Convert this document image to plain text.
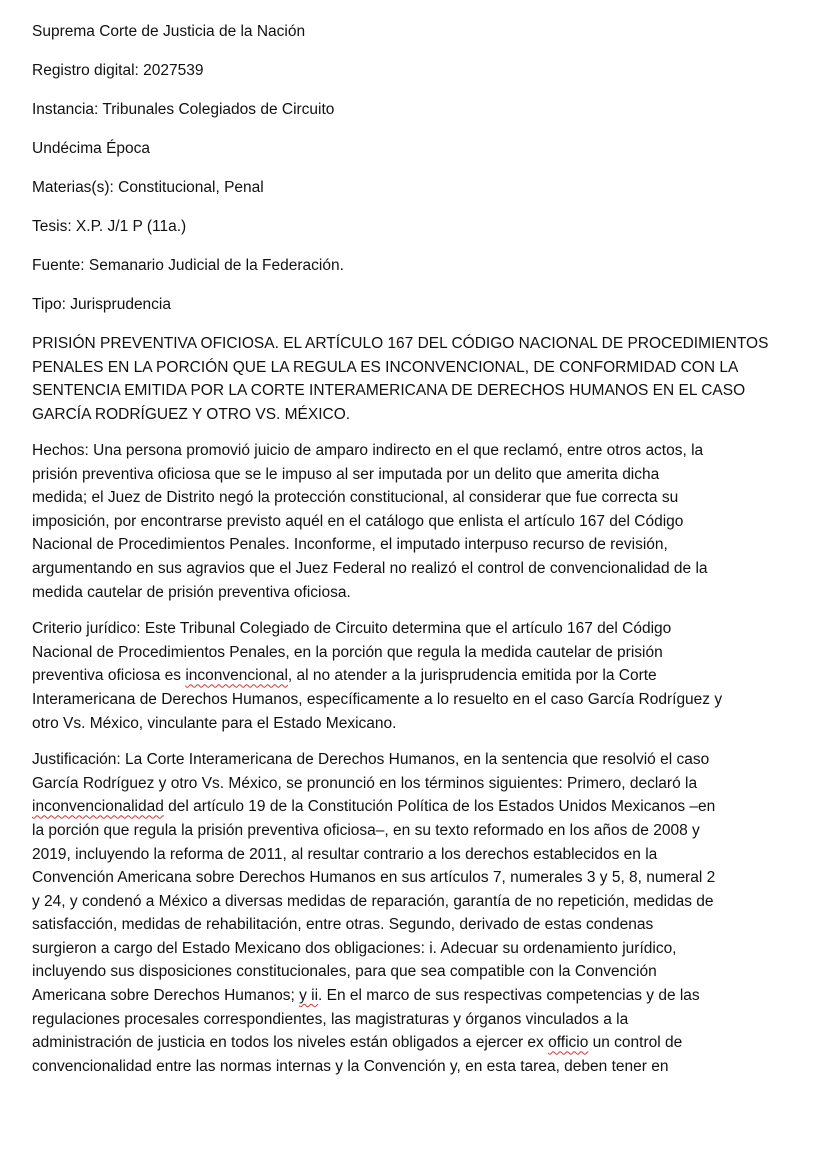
Suprema Corte de Justicia de la Nación
Registro digital: 2027539
Instancia: Tribunales Colegiados de Circuito
Undécima Época
Materias(s): Constitucional, Penal
Tesis: X.P. J/1 P (11a.)
Fuente: Semanario Judicial de la Federación.
Tipo: Jurisprudencia
PRISIÓN PREVENTIVA OFICIOSA. EL ARTÍCULO 167 DEL CÓDIGO NACIONAL DE PROCEDIMIENTOS
PENALES EN LA PORCIÓN QUE LA REGULA ES INCONVENCIONAL, DE CONFORMIDAD CON LA
SENTENCIA EMITIDA POR LA CORTE INTERAMERICANA DE DERECHOS HUMANOS EN EL CASO
GARCÍA RODRÍGUEZ Y OTRO VS. MÉXICO.
Hechos: Una persona promovió juicio de amparo indirecto en el que reclamó, entre otros actos, la
prisión preventiva oficiosa que se le impuso al ser imputada por un delito que amerita dicha
medida; el Juez de Distrito negó la protección constitucional, al considerar que fue correcta su
imposición, por encontrarse previsto aquél en el catálogo que enlista el artículo 167 del Código
Nacional de Procedimientos Penales. Inconforme, el imputado interpuso recurso de revisión,
argumentando en sus agravios que el Juez Federal no realizó el control de convencionalidad de la
medida cautelar de prisión preventiva oficiosa.
Criterio jurídico: Este Tribunal Colegiado de Circuito determina que el artículo 167 del Código
Nacional de Procedimientos Penales, en la porción que regula la medida cautelar de prisión
preventiva oficiosa es inconvencional, al no atender a la jurisprudencia emitida por la Corte
Interamericana de Derechos Humanos, específicamente a lo resuelto en el caso García Rodríguez y
otro Vs. México, vinculante para el Estado Mexicano.
Justificación: La Corte Interamericana de Derechos Humanos, en la sentencia que resolvió el caso
García Rodríguez y otro Vs. México, se pronunció en los términos siguientes: Primero, declaró la
inconvencionalidad del artículo 19 de la Constitución Política de los Estados Unidos Mexicanos –en
la porción que regula la prisión preventiva oficiosa–, en su texto reformado en los años de 2008 y
2019, incluyendo la reforma de 2011, al resultar contrario a los derechos establecidos en la
Convención Americana sobre Derechos Humanos en sus artículos 7, numerales 3 y 5, 8, numeral 2
y 24, y condenó a México a diversas medidas de reparación, garantía de no repetición, medidas de
satisfacción, medidas de rehabilitación, entre otras. Segundo, derivado de estas condenas
surgieron a cargo del Estado Mexicano dos obligaciones: i. Adecuar su ordenamiento jurídico,
incluyendo sus disposiciones constitucionales, para que sea compatible con la Convención
Americana sobre Derechos Humanos; y ii. En el marco de sus respectivas competencias y de las
regulaciones procesales correspondientes, las magistraturas y órganos vinculados a la
administración de justicia en todos los niveles están obligados a ejercer ex officio un control de
convencionalidad entre las normas internas y la Convención y, en esta tarea, deben tener en
